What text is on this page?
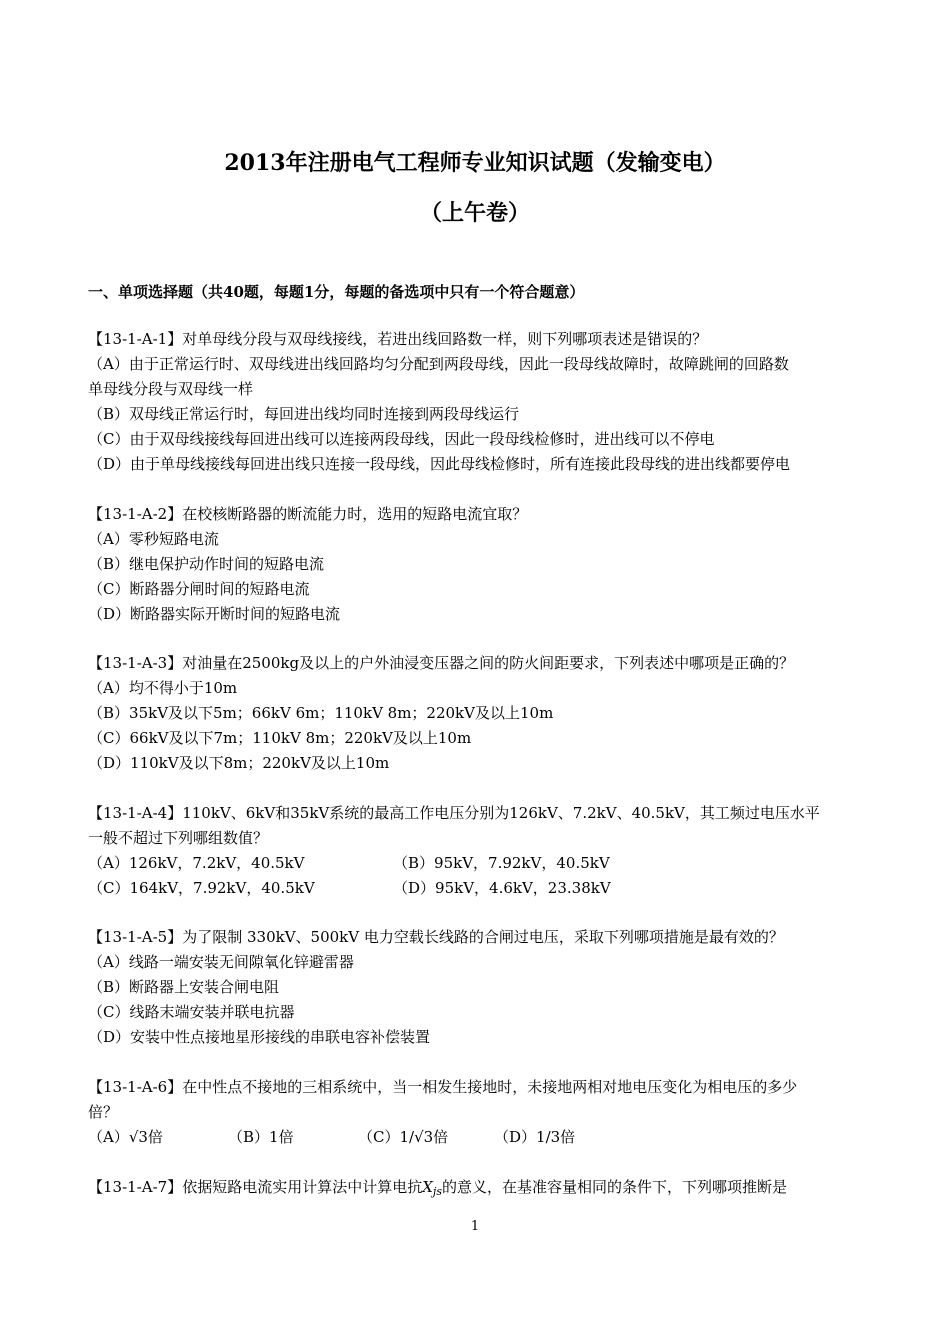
2013年注册电气工程师专业知识试题（发输变电）
（上午卷）
一、单项选择题（共40题，每题1分，每题的备选项中只有一个符合题意）
【13-1-A-1】对单母线分段与双母线接线，若进出线回路数一样，则下列哪项表述是错误的？
（A）由于正常运行时、双母线进出线回路均匀分配到两段母线，因此一段母线故障时，故障跳闸的回路数
单母线分段与双母线一样
（B）双母线正常运行时，每回进出线均同时连接到两段母线运行
（C）由于双母线接线每回进出线可以连接两段母线，因此一段母线检修时，进出线可以不停电
（D）由于单母线接线每回进出线只连接一段母线，因此母线检修时，所有连接此段母线的进出线都要停电
【13-1-A-2】在校核断路器的断流能力时，选用的短路电流宜取？
（A）零秒短路电流
（B）继电保护动作时间的短路电流
（C）断路器分闸时间的短路电流
（D）断路器实际开断时间的短路电流
【13-1-A-3】对油量在2500kg及以上的户外油浸变压器之间的防火间距要求，下列表述中哪项是正确的？
（A）均不得小于10m
（B）35kV及以下5m；66kV 6m；110kV 8m；220kV及以上10m
（C）66kV及以下7m；110kV 8m；220kV及以上10m
（D）110kV及以下8m；220kV及以上10m
【13-1-A-4】110kV、6kV和35kV系统的最高工作电压分别为126kV、7.2kV、40.5kV，其工频过电压水平
一般不超过下列哪组数值？
（A）126kV，7.2kV，40.5kV	（B）95kV，7.92kV，40.5kV
（C）164kV，7.92kV，40.5kV	（D）95kV，4.6kV，23.38kV
【13-1-A-5】为了限制 330kV、500kV 电力空载长线路的合闸过电压，采取下列哪项措施是最有效的？
（A）线路一端安装无间隙氧化锌避雷器
（B）断路器上安装合闸电阻
（C）线路末端安装并联电抗器
（D）安装中性点接地星形接线的串联电容补偿装置
【13-1-A-6】在中性点不接地的三相系统中，当一相发生接地时，未接地两相对地电压变化为相电压的多少
倍？
（A）√3倍	（B）1倍	（C）1/√3倍	（D）1/3倍
【13-1-A-7】依据短路电流实用计算法中计算电抗$X_{js}$的意义，在基准容量相同的条件下，下列哪项推断是
1
